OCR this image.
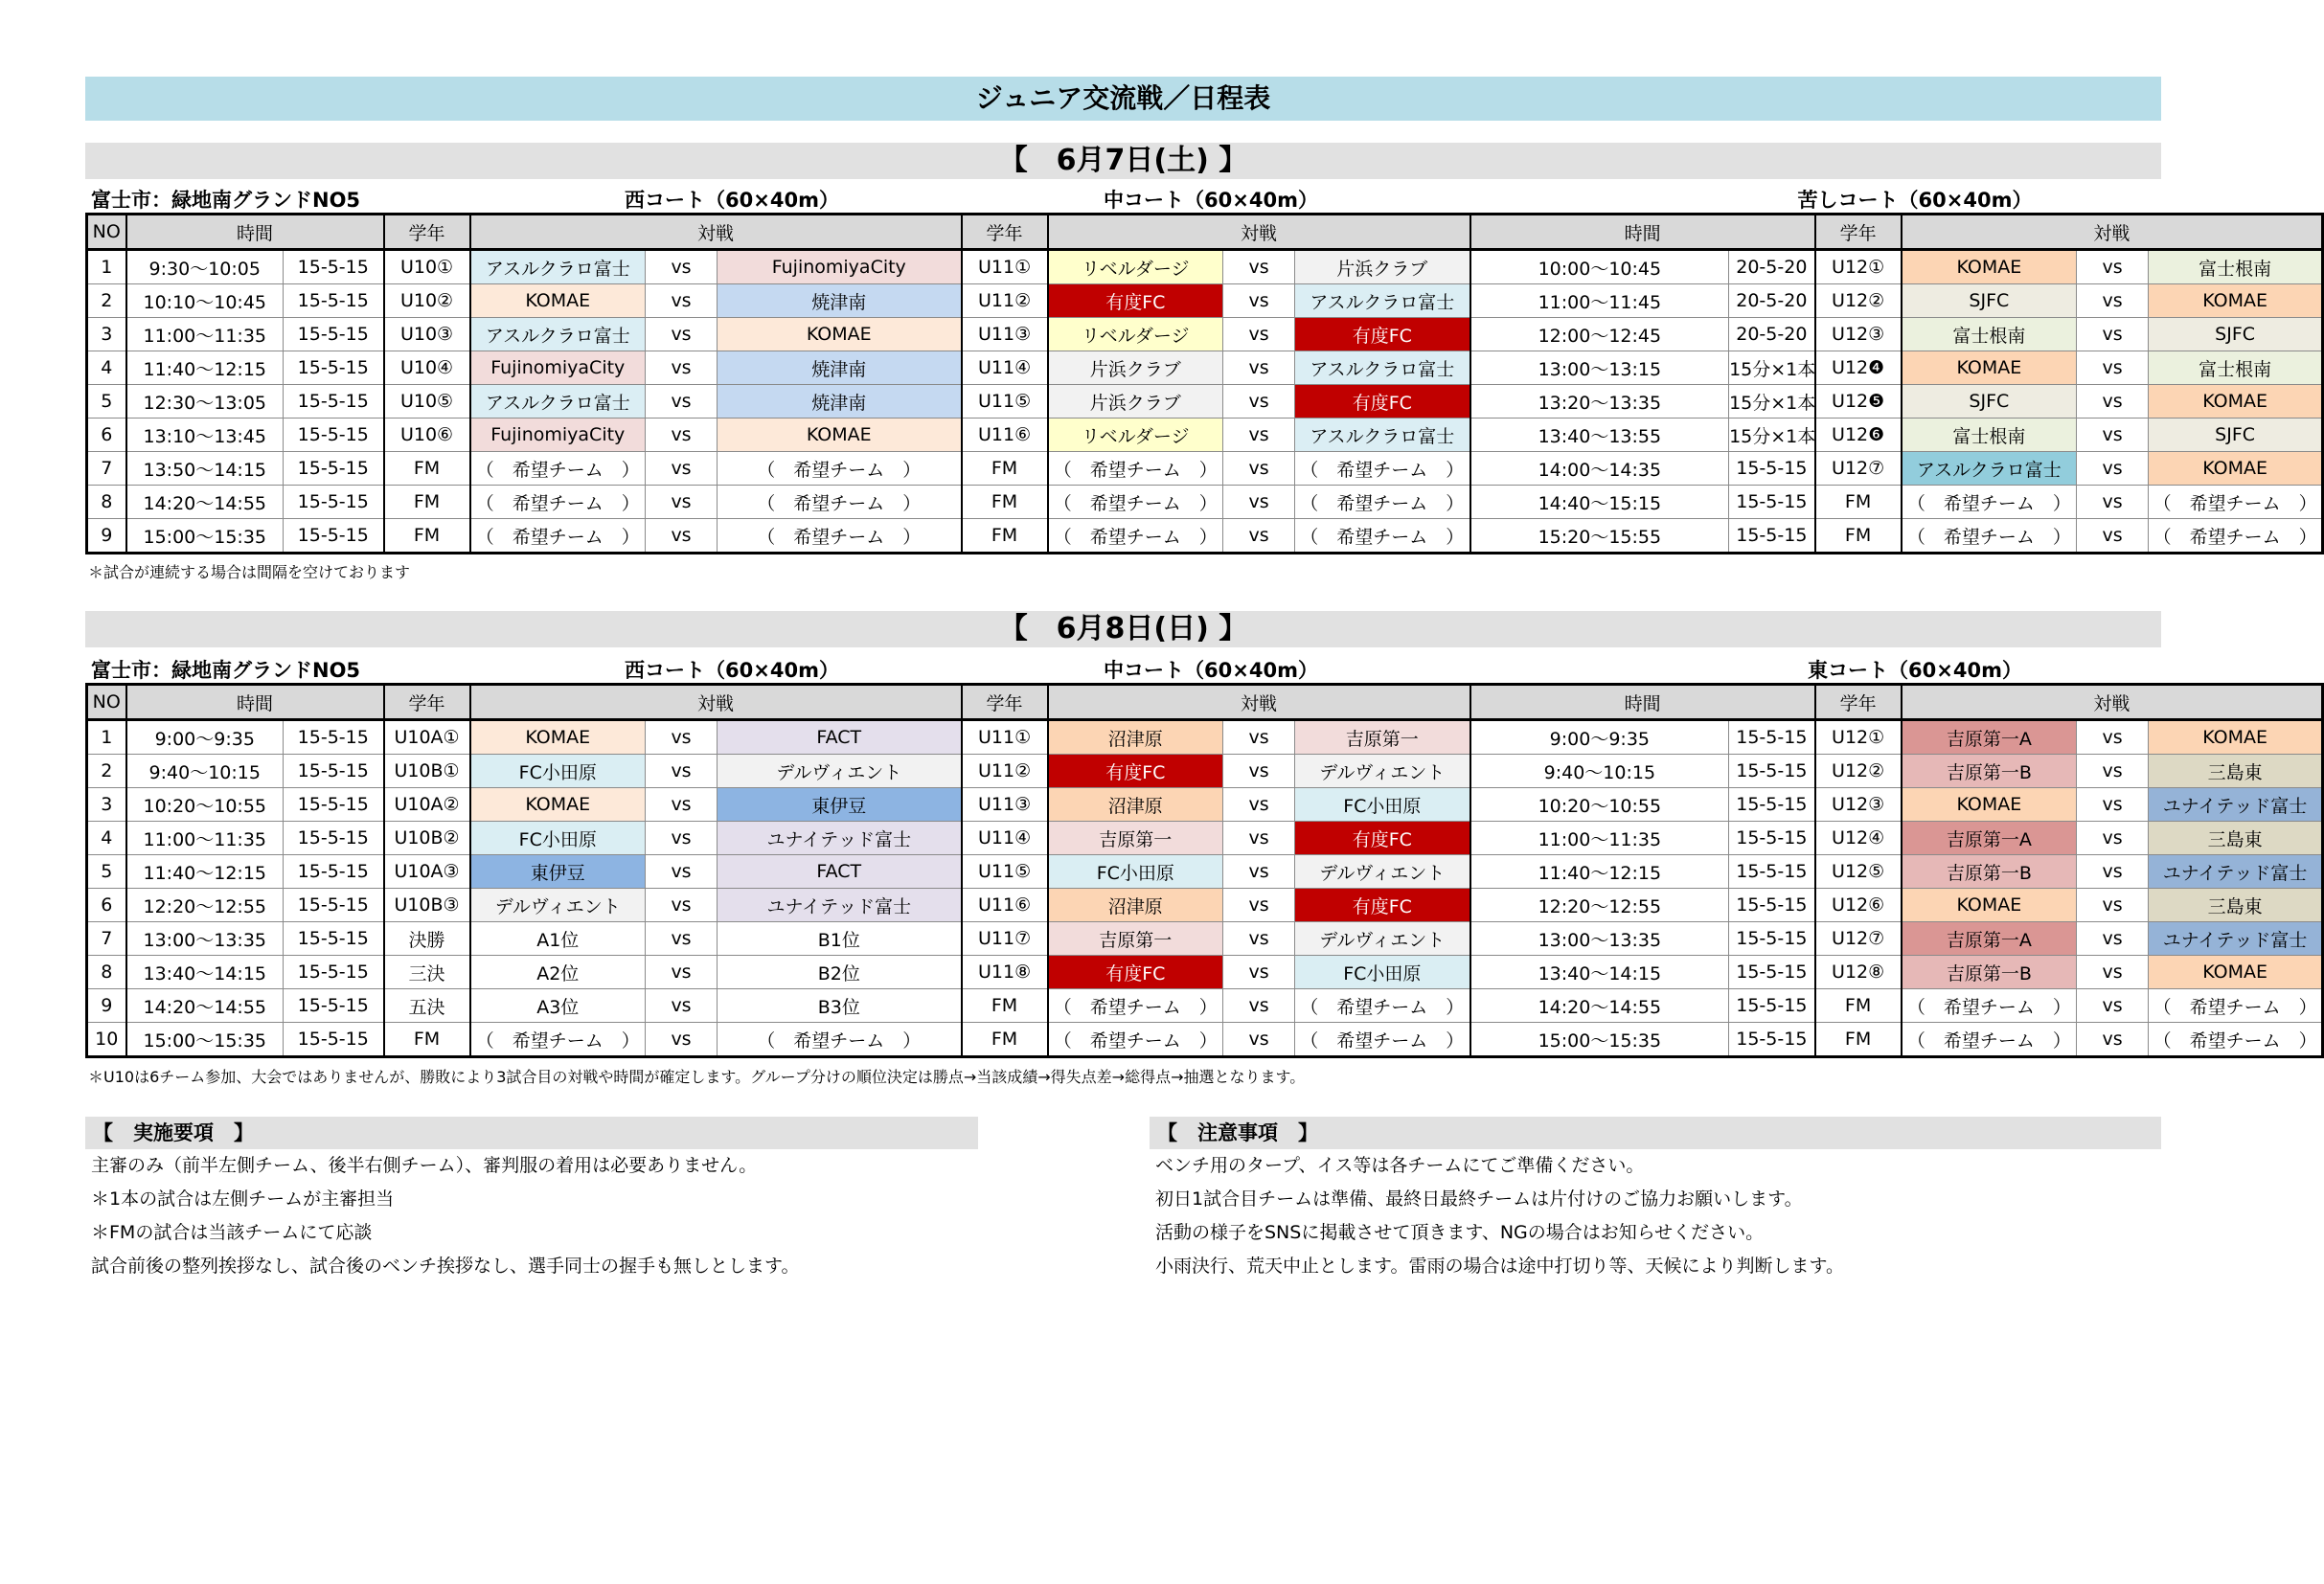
ジュニア交流戦／日程表
【　6月7日(土) 】
富士市：緑地南グランドNO5	西コート（60×40m）	中コート（60×40m）	苦しコート（60×40m）
NO	時間		学年	対戦			学年	対戦			時間		学年	対戦		
1	9:30～10:05	15-5-15	U10①	アスルクラロ富士	vs	FujinomiyaCity	U11①	リベルダージ	vs	片浜クラブ	10:00～10:45	20-5-20	U12①	KOMAE	vs	富士根南
2	10:10～10:45	15-5-15	U10②	KOMAE	vs	焼津南	U11②	有度FC	vs	アスルクラロ富士	11:00～11:45	20-5-20	U12②	SJFC	vs	KOMAE
3	11:00～11:35	15-5-15	U10③	アスルクラロ富士	vs	KOMAE	U11③	リベルダージ	vs	有度FC	12:00～12:45	20-5-20	U12③	富士根南	vs	SJFC
4	11:40～12:15	15-5-15	U10④	FujinomiyaCity	vs	焼津南	U11④	片浜クラブ	vs	アスルクラロ富士	13:00～13:15	15分×1本	U12❹	KOMAE	vs	富士根南
5	12:30～13:05	15-5-15	U10⑤	アスルクラロ富士	vs	焼津南	U11⑤	片浜クラブ	vs	有度FC	13:20～13:35	15分×1本	U12❺	SJFC	vs	KOMAE
6	13:10～13:45	15-5-15	U10⑥	FujinomiyaCity	vs	KOMAE	U11⑥	リベルダージ	vs	アスルクラロ富士	13:40～13:55	15分×1本	U12❻	富士根南	vs	SJFC
7	13:50～14:15	15-5-15	FM	（　希望チーム　）	vs	（　希望チーム　）	FM	（　希望チーム　）	vs	（　希望チーム　）	14:00～14:35	15-5-15	U12⑦	アスルクラロ富士	vs	KOMAE
8	14:20～14:55	15-5-15	FM	（　希望チーム　）	vs	（　希望チーム　）	FM	（　希望チーム　）	vs	（　希望チーム　）	14:40～15:15	15-5-15	FM	（　希望チーム　）	vs	（　希望チーム　）
9	15:00～15:35	15-5-15	FM	（　希望チーム　）	vs	（　希望チーム　）	FM	（　希望チーム　）	vs	（　希望チーム　）	15:20～15:55	15-5-15	FM	（　希望チーム　）	vs	（　希望チーム　）
＊試合が連続する場合は間隔を空けております
【　6月8日(日) 】
富士市：緑地南グランドNO5	西コート（60×40m）	中コート（60×40m）	東コート（60×40m）
NO	時間		学年	対戦			学年	対戦			時間		学年	対戦		
1	9:00～9:35	15-5-15	U10A①	KOMAE	vs	FACT	U11①	沼津原	vs	吉原第一	9:00～9:35	15-5-15	U12①	吉原第一A	vs	KOMAE
2	9:40～10:15	15-5-15	U10B①	FC小田原	vs	デルヴィエント	U11②	有度FC	vs	デルヴィエント	9:40～10:15	15-5-15	U12②	吉原第一B	vs	三島東
3	10:20～10:55	15-5-15	U10A②	KOMAE	vs	東伊豆	U11③	沼津原	vs	FC小田原	10:20～10:55	15-5-15	U12③	KOMAE	vs	ユナイテッド富士
4	11:00～11:35	15-5-15	U10B②	FC小田原	vs	ユナイテッド富士	U11④	吉原第一	vs	有度FC	11:00～11:35	15-5-15	U12④	吉原第一A	vs	三島東
5	11:40～12:15	15-5-15	U10A③	東伊豆	vs	FACT	U11⑤	FC小田原	vs	デルヴィエント	11:40～12:15	15-5-15	U12⑤	吉原第一B	vs	ユナイテッド富士
6	12:20～12:55	15-5-15	U10B③	デルヴィエント	vs	ユナイテッド富士	U11⑥	沼津原	vs	有度FC	12:20～12:55	15-5-15	U12⑥	KOMAE	vs	三島東
7	13:00～13:35	15-5-15	決勝	A1位	vs	B1位	U11⑦	吉原第一	vs	デルヴィエント	13:00～13:35	15-5-15	U12⑦	吉原第一A	vs	ユナイテッド富士
8	13:40～14:15	15-5-15	三決	A2位	vs	B2位	U11⑧	有度FC	vs	FC小田原	13:40～14:15	15-5-15	U12⑧	吉原第一B	vs	KOMAE
9	14:20～14:55	15-5-15	五決	A3位	vs	B3位	FM	（　希望チーム　）	vs	（　希望チーム　）	14:20～14:55	15-5-15	FM	（　希望チーム　）	vs	（　希望チーム　）
10	15:00～15:35	15-5-15	FM	（　希望チーム　）	vs	（　希望チーム　）	FM	（　希望チーム　）	vs	（　希望チーム　）	15:00～15:35	15-5-15	FM	（　希望チーム　）	vs	（　希望チーム　）
＊U10は6チーム参加、大会ではありませんが、勝敗により3試合目の対戦や時間が確定します。グループ分けの順位決定は勝点→当該成績→得失点差→総得点→抽選となります。
【　実施要項　】
主審のみ（前半左側チーム、後半右側チーム）、審判服の着用は必要ありません。
＊1本の試合は左側チームが主審担当
＊FMの試合は当該チームにて応談
試合前後の整列挨拶なし、試合後のベンチ挨拶なし、選手同士の握手も無しとします。
【　注意事項　】
ベンチ用のタープ、イス等は各チームにてご準備ください。
初日1試合目チームは準備、最終日最終チームは片付けのご協力お願いします。
活動の様子をSNSに掲載させて頂きます、NGの場合はお知らせください。
小雨決行、荒天中止とします。雷雨の場合は途中打切り等、天候により判断します。
